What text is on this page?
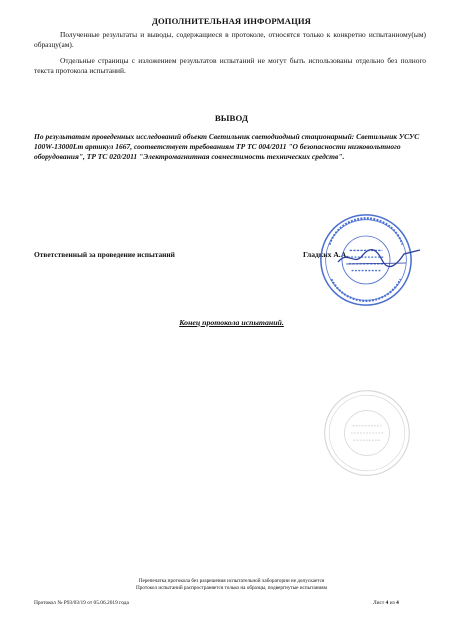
ДОПОЛНИТЕЛЬНАЯ ИНФОРМАЦИЯ
Полученные результаты и выводы, содержащиеся в протоколе, относятся только к конкретно испытанному(ым) образцу(ам).
Отдельные страницы с изложением результатов испытаний не могут быть использованы отдельно без полного текста протокола испытаний.
ВЫВОД
По результатам проведенных исследований объект Светильник светодиодный стационарный: Светильник УСУС 100W-13000Lm артикул 1667, соответствует требованиям ТР ТС 004/2011 "О безопасности низковольтного оборудования", ТР ТС 020/2011 "Электромагнитная совместимость технических средств".
Ответственный за проведение испытаний	Гладких А.А.
Конец протокола испытаний.
Перепечатка протокола без разрешения испытательной лаборатории не допускается
Протокол испытаний распространяется только на образцы, подвергнутые испытаниям
Протокол № Р93/03/19 от 05.06.2019 года	Лист 4 из 4
